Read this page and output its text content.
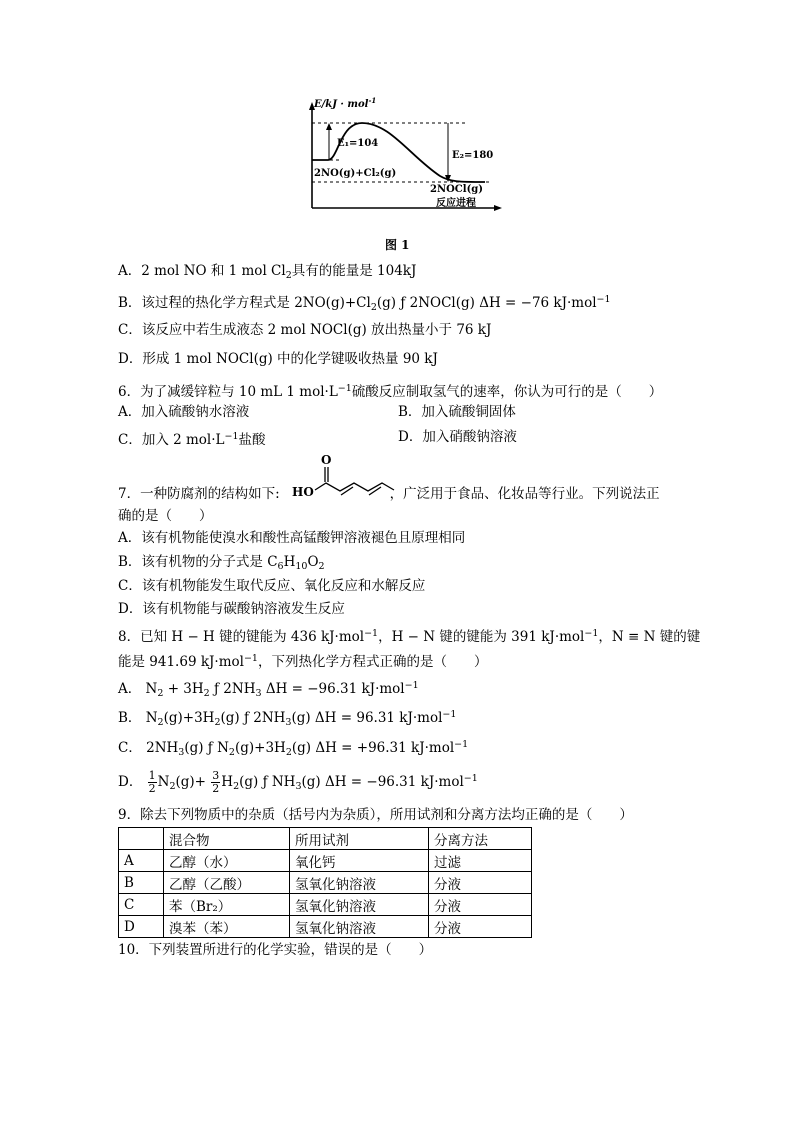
E/kJ · mol$^{-1}$
E₁=104
E₂=180
2NO(g)+Cl₂(g)
2NOCl(g)
反应进程
图 1
A．2 mol NO 和 1 mol $Cl_2$具有的能量是 104kJ
B．该过程的热化学方程式是 $2NO(g)+Cl_2(g)$ ƒ 2NOCl(g) ΔH = −76 kJ·mol$^{-1}$
C．该反应中若生成液态 2 mol NOCl(g) 放出热量小于 76 kJ
D．形成 1 mol NOCl(g) 中的化学键吸收热量 90 kJ
6．为了减缓锌粒与 10 mL 1 $mol\cdot L^{-1}$硫酸反应制取氢气的速率，你认为可行的是（　　）
A．加入硫酸钠水溶液	B．加入硫酸铜固体
C．加入 2 $mol\cdot L^{-1}$盐酸	D．加入硝酸钠溶液
7．一种防腐剂的结构如下:	，广泛用于食品、化妆品等行业。下列说法正
O
HO
确的是（　　）
A．该有机物能使溴水和酸性高锰酸钾溶液褪色且原理相同
B．该有机物的分子式是 $C_6H_{10}O_2$
C．该有机物能发生取代反应、氧化反应和水解反应
D．该有机物能与碳酸钠溶液发生反应
8．已知 H − H 键的键能为 436 kJ·mol$^{-1}$，H − N 键的键能为 391 kJ·mol$^{-1}$，N ≡ N 键的键
能是 941.69 kJ·mol$^{-1}$，下列热化学方程式正确的是（　　）
A． $N_2 + 3H_2$ ƒ $2NH_3$ ΔH = −96.31 kJ·mol$^{-1}$
B． $N_2(g)+3H_2(g)$ ƒ $2NH_3(g) \Delta H = 96.31$ kJ·mol$^{-1}$
C． $2NH_3(g)$ ƒ $N_2(g)+3H_2(g) \Delta H = +96.31$ kJ·mol$^{-1}$
D． $\frac{1}{2} N_2(g)+ \frac{3}{2} H_2(g)$ ƒ $NH_3(g) \Delta H = -96.31$ kJ·mol$^{-1}$
9．除去下列物质中的杂质（括号内为杂质），所用试剂和分离方法均正确的是（　　）
	混合物	所用试剂	分离方法
A	乙醇（水）	氧化钙	过滤
B	乙醇（乙酸）	氢氧化钠溶液	分液
C	苯（Br₂）	氢氧化钠溶液	分液
D	溴苯（苯）	氢氧化钠溶液	分液
10．下列装置所进行的化学实验，错误的是（　　）
